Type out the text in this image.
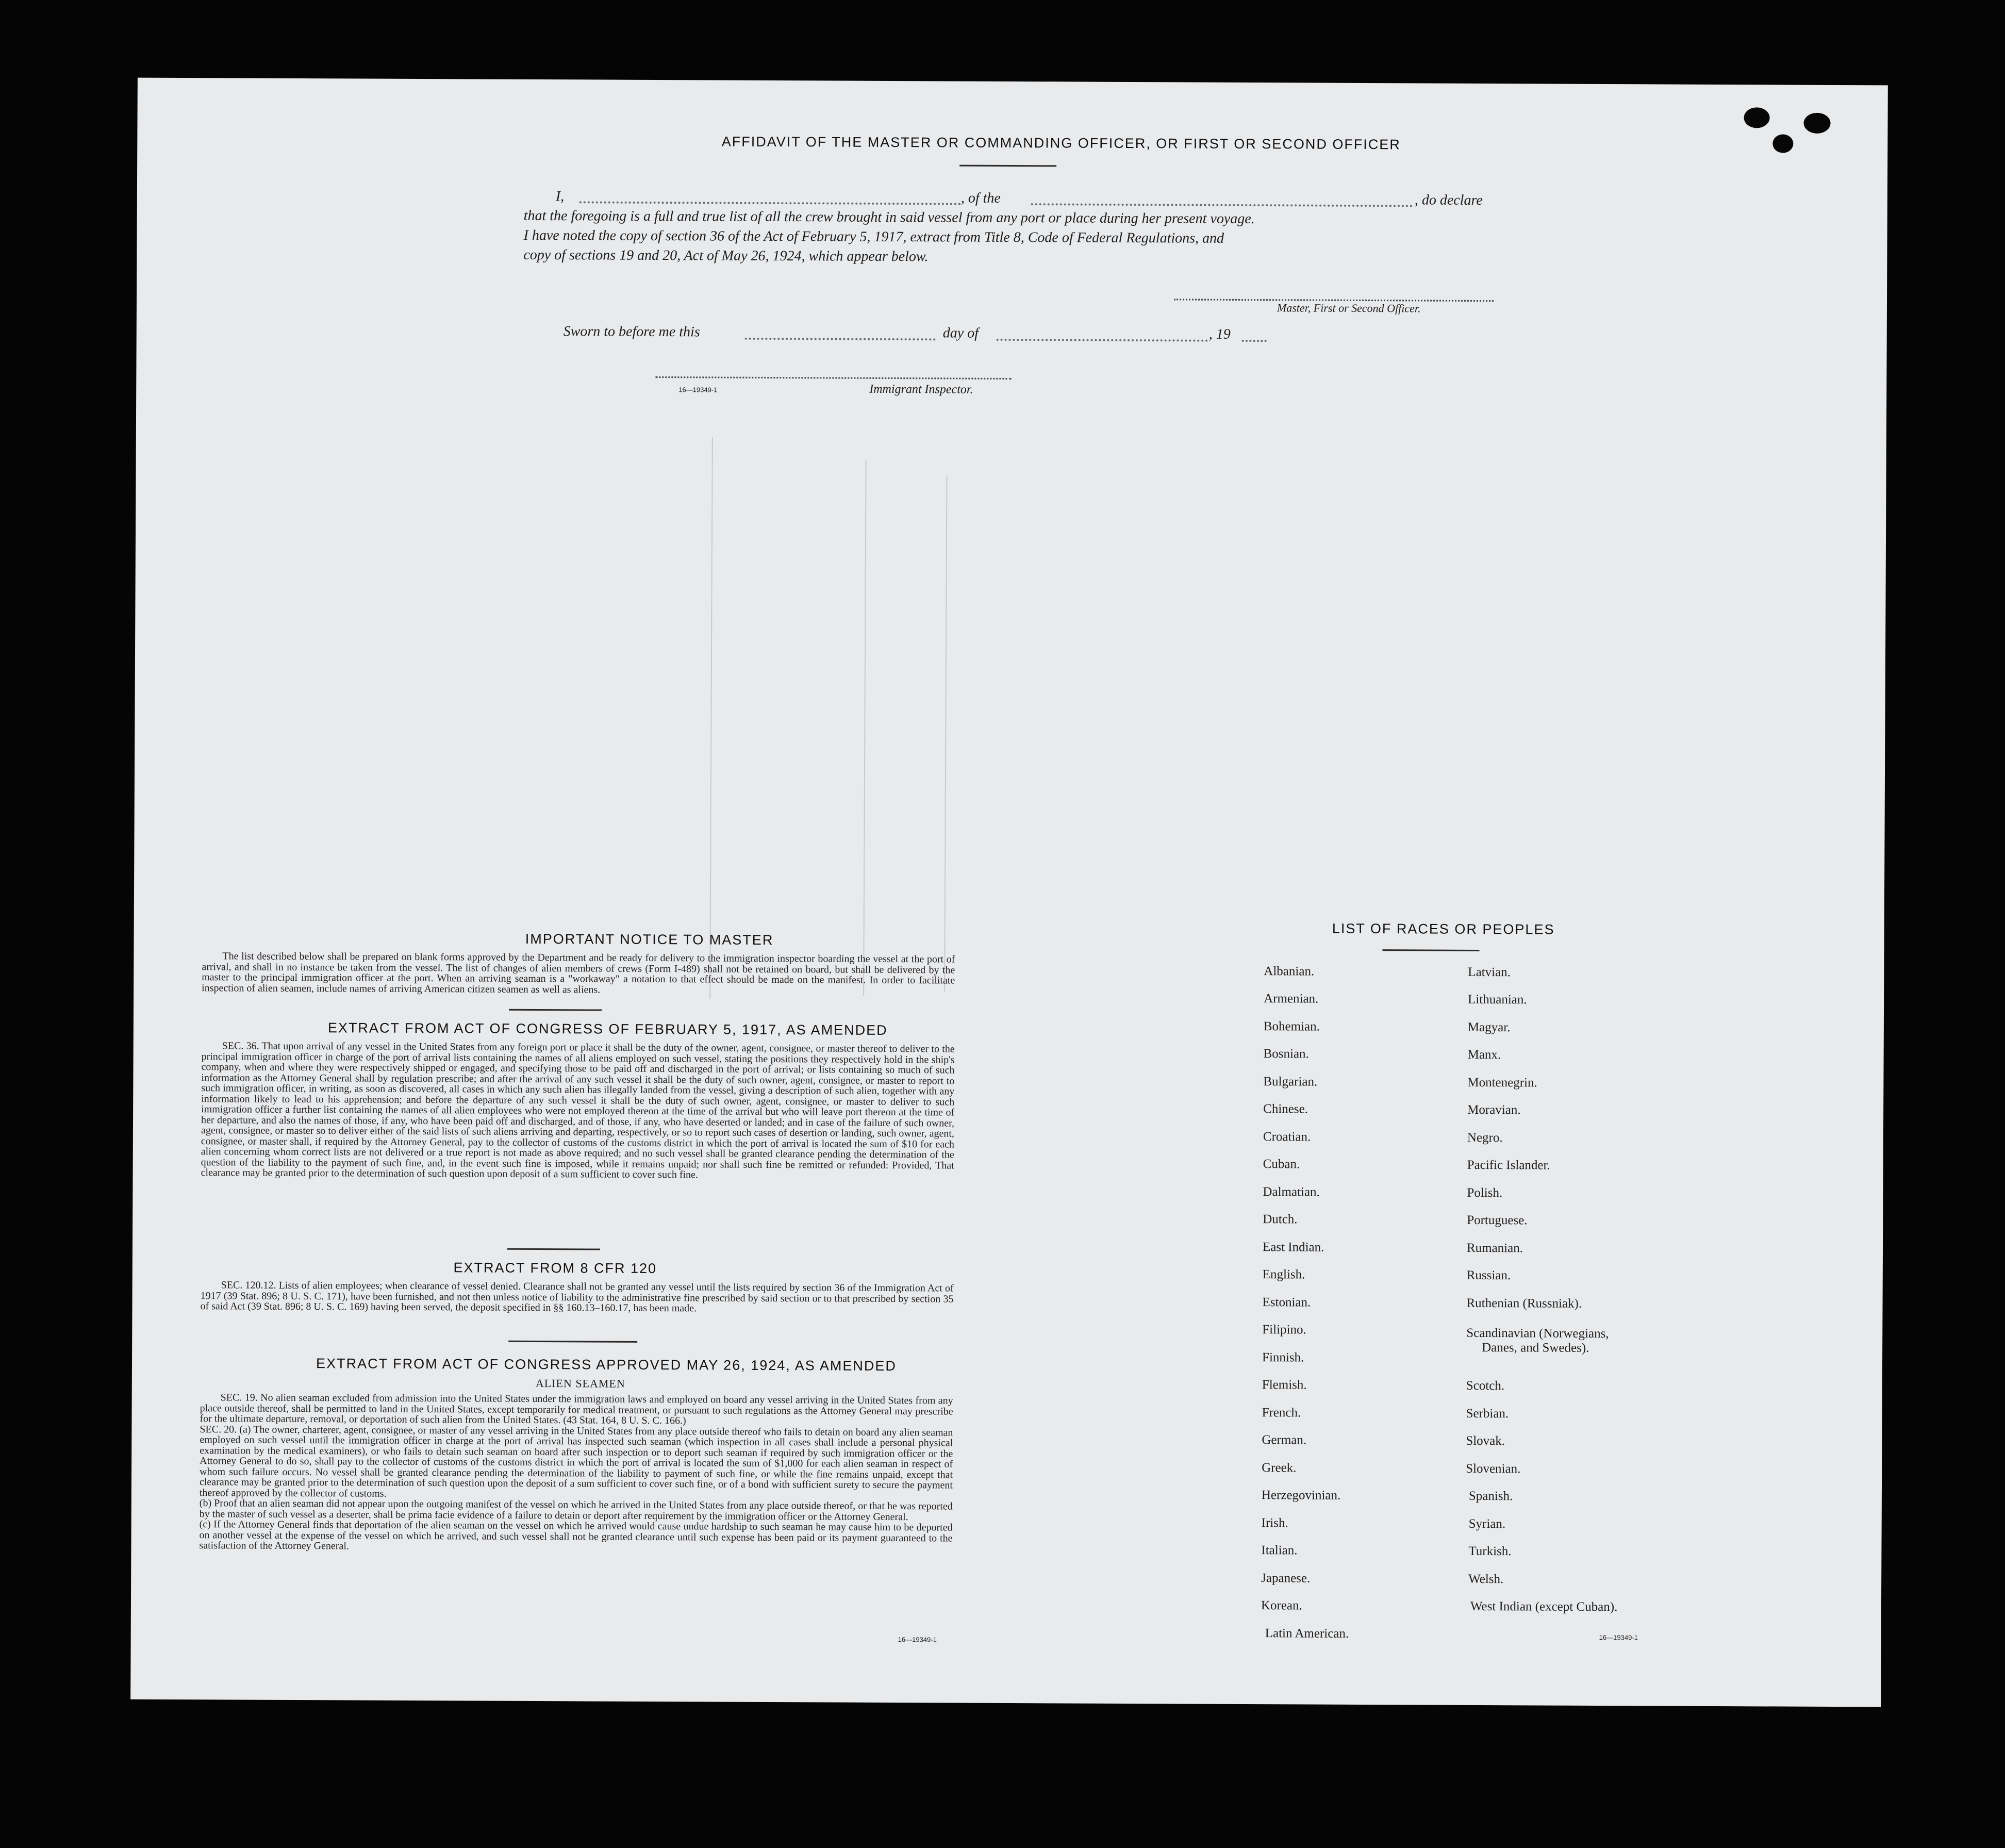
AFFIDAVIT OF THE MASTER OR COMMANDING OFFICER, OR FIRST OR SECOND OFFICER
I,	, of the	, do declare
that the foregoing is a full and true list of all the crew brought in said vessel from any port or place during her present voyage.
I have noted the copy of section 36 of the Act of February 5, 1917, extract from Title 8, Code of Federal Regulations, and
copy of sections 19 and 20, Act of May 26, 1924, which appear below.
Master, First or Second Officer.
Sworn to before me this	day of	, 19
16—19349-1	Immigrant Inspector.
IMPORTANT NOTICE TO MASTER
The list described below shall be prepared on blank forms approved by the Department and be ready for delivery to the immigration inspector boarding the vessel at the port of arrival, and shall in no instance be taken from the vessel. The list of changes of alien members of crews (Form I-489) shall not be retained on board, but shall be delivered by the master to the principal immigration officer at the port. When an arriving seaman is a "workaway" a notation to that effect should be made on the manifest. In order to facilitate inspection of alien seamen, include names of arriving American citizen seamen as well as aliens.
EXTRACT FROM ACT OF CONGRESS OF FEBRUARY 5, 1917, AS AMENDED
SEC. 36. That upon arrival of any vessel in the United States from any foreign port or place it shall be the duty of the owner, agent, consignee, or master thereof to deliver to the principal immigration officer in charge of the port of arrival lists containing the names of all aliens employed on such vessel, stating the positions they respectively hold in the ship's company, when and where they were respectively shipped or engaged, and specifying those to be paid off and discharged in the port of arrival; or lists containing so much of such information as the Attorney General shall by regulation prescribe; and after the arrival of any such vessel it shall be the duty of such owner, agent, consignee, or master to report to such immigration officer, in writing, as soon as discovered, all cases in which any such alien has illegally landed from the vessel, giving a description of such alien, together with any information likely to lead to his apprehension; and before the departure of any such vessel it shall be the duty of such owner, agent, consignee, or master to deliver to such immigration officer a further list containing the names of all alien employees who were not employed thereon at the time of the arrival but who will leave port thereon at the time of her departure, and also the names of those, if any, who have been paid off and discharged, and of those, if any, who have deserted or landed; and in case of the failure of such owner, agent, consignee, or master so to deliver either of the said lists of such aliens arriving and departing, respectively, or so to report such cases of desertion or landing, such owner, agent, consignee, or master shall, if required by the Attorney General, pay to the collector of customs of the customs district in which the port of arrival is located the sum of $10 for each alien concerning whom correct lists are not delivered or a true report is not made as above required; and no such vessel shall be granted clearance pending the determination of the question of the liability to the payment of such fine, and, in the event such fine is imposed, while it remains unpaid; nor shall such fine be remitted or refunded: Provided, That clearance may be granted prior to the determination of such question upon deposit of a sum sufficient to cover such fine.
EXTRACT FROM 8 CFR 120
SEC. 120.12. Lists of alien employees; when clearance of vessel denied. Clearance shall not be granted any vessel until the lists required by section 36 of the Immigration Act of 1917 (39 Stat. 896; 8 U. S. C. 171), have been furnished, and not then unless notice of liability to the administrative fine prescribed by said section or to that prescribed by section 35 of said Act (39 Stat. 896; 8 U. S. C. 169) having been served, the deposit specified in §§ 160.13–160.17, has been made.
EXTRACT FROM ACT OF CONGRESS APPROVED MAY 26, 1924, AS AMENDED
ALIEN SEAMEN
SEC. 19. No alien seaman excluded from admission into the United States under the immigration laws and employed on board any vessel arriving in the United States from any place outside thereof, shall be permitted to land in the United States, except temporarily for medical treatment, or pursuant to such regulations as the Attorney General may prescribe for the ultimate departure, removal, or deportation of such alien from the United States. (43 Stat. 164, 8 U. S. C. 166.)
SEC. 20. (a) The owner, charterer, agent, consignee, or master of any vessel arriving in the United States from any place outside thereof who fails to detain on board any alien seaman employed on such vessel until the immigration officer in charge at the port of arrival has inspected such seaman (which inspection in all cases shall include a personal physical examination by the medical examiners), or who fails to detain such seaman on board after such inspection or to deport such seaman if required by such immigration officer or the Attorney General to do so, shall pay to the collector of customs of the customs district in which the port of arrival is located the sum of $1,000 for each alien seaman in respect of whom such failure occurs. No vessel shall be granted clearance pending the determination of the liability to payment of such fine, or while the fine remains unpaid, except that clearance may be granted prior to the determination of such question upon the deposit of a sum sufficient to cover such fine, or of a bond with sufficient surety to secure the payment thereof approved by the collector of customs.
(b) Proof that an alien seaman did not appear upon the outgoing manifest of the vessel on which he arrived in the United States from any place outside thereof, or that he was reported by the master of such vessel as a deserter, shall be prima facie evidence of a failure to detain or deport after requirement by the immigration officer or the Attorney General.
(c) If the Attorney General finds that deportation of the alien seaman on the vessel on which he arrived would cause undue hardship to such seaman he may cause him to be deported on another vessel at the expense of the vessel on which he arrived, and such vessel shall not be granted clearance until such expense has been paid or its payment guaranteed to the satisfaction of the Attorney General.
16—19349-1
LIST OF RACES OR PEOPLES
Albanian.
Armenian.
Bohemian.
Bosnian.
Bulgarian.
Chinese.
Croatian.
Cuban.
Dalmatian.
Dutch.
East Indian.
English.
Estonian.
Filipino.
Finnish.
Flemish.
French.
German.
Greek.
Herzegovinian.
Irish.
Italian.
Japanese.
Korean.
Latin American.
Latvian.
Lithuanian.
Magyar.
Manx.
Montenegrin.
Moravian.
Negro.
Pacific Islander.
Polish.
Portuguese.
Rumanian.
Russian.
Ruthenian (Russniak).
Scandinavian (Norwegians,
Danes, and Swedes).
Scotch.
Serbian.
Slovak.
Slovenian.
Spanish.
Syrian.
Turkish.
Welsh.
West Indian (except Cuban).
16—19349-1
